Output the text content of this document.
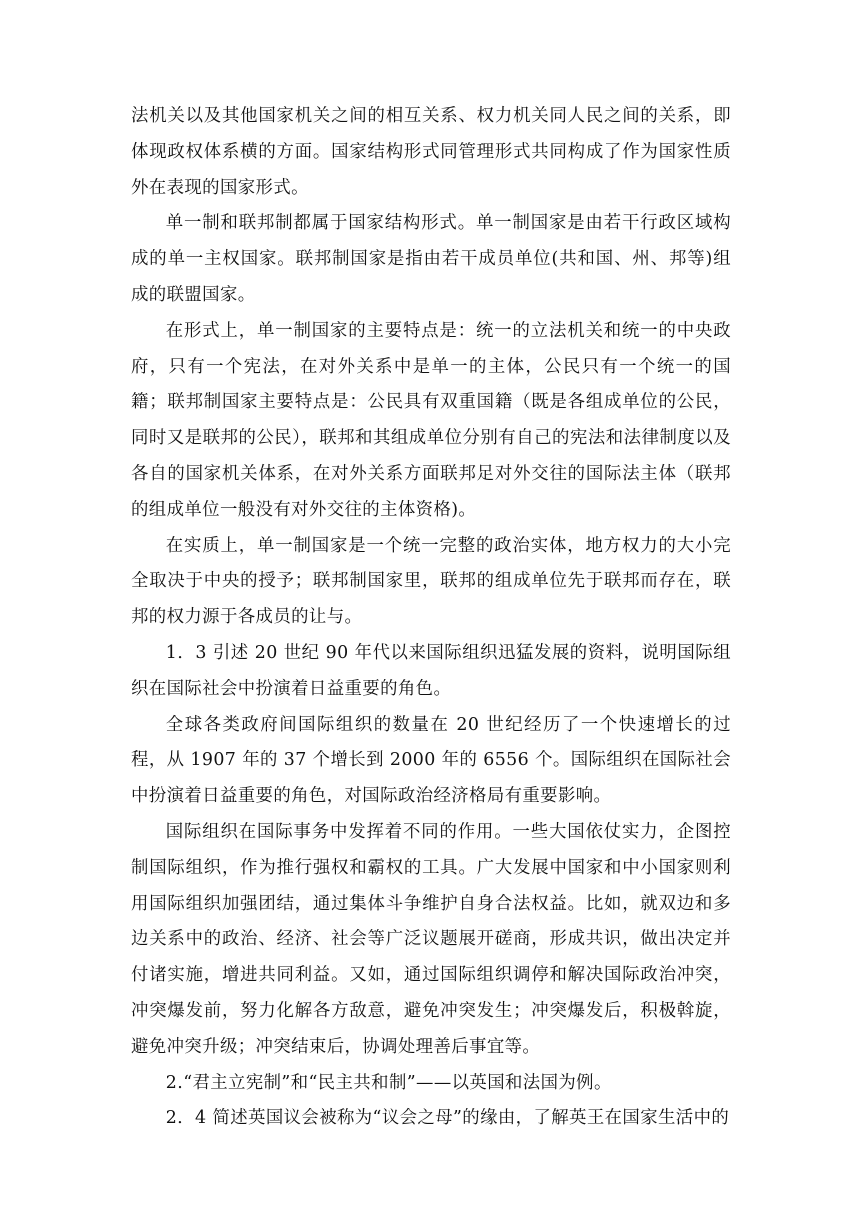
法机关以及其他国家机关之间的相互关系、权力机关同人民之间的关系，即体现政权体系横的方面。国家结构形式同管理形式共同构成了作为国家性质外在表现的国家形式。

单一制和联邦制都属于国家结构形式。单一制国家是由若干行政区域构成的单一主权国家。联邦制国家是指由若干成员单位(共和国、州、邦等)组成的联盟国家。

在形式上，单一制国家的主要特点是：统一的立法机关和统一的中央政府，只有一个宪法，在对外关系中是单一的主体，公民只有一个统一的国籍；联邦制国家主要特点是：公民具有双重国籍（既是各组成单位的公民，同时又是联邦的公民），联邦和其组成单位分别有自己的宪法和法律制度以及各自的国家机关体系，在对外关系方面联邦足对外交往的国际法主体（联邦的组成单位一般没有对外交往的主体资格)。

在实质上，单一制国家是一个统一完整的政治实体，地方权力的大小完全取决于中央的授予；联邦制国家里，联邦的组成单位先于联邦而存在，联邦的权力源于各成员的让与。

1．3 引述 20 世纪 90 年代以来国际组织迅猛发展的资料，说明国际组织在国际社会中扮演着日益重要的角色。

全球各类政府间国际组织的数量在 20 世纪经历了一个快速增长的过程，从 1907 年的 37 个增长到 2000 年的 6556 个。国际组织在国际社会中扮演着日益重要的角色，对国际政治经济格局有重要影响。

国际组织在国际事务中发挥着不同的作用。一些大国依仗实力，企图控制国际组织，作为推行强权和霸权的工具。广大发展中国家和中小国家则利用国际组织加强团结，通过集体斗争维护自身合法权益。比如，就双边和多边关系中的政治、经济、社会等广泛议题展开磋商，形成共识，做出决定并付诸实施，增进共同利益。又如，通过国际组织调停和解决国际政治冲突，冲突爆发前，努力化解各方敌意，避免冲突发生；冲突爆发后，积极斡旋，避免冲突升级；冲突结束后，协调处理善后事宜等。

2.“君主立宪制”和“民主共和制”——以英国和法国为例。

2．4 简述英国议会被称为“议会之母”的缘由，了解英王在国家生活中的
